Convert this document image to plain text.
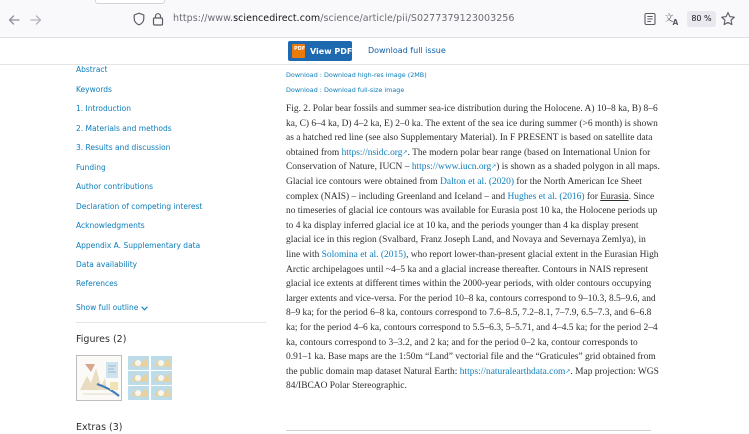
https://www.sciencedirect.com/science/article/pii/S0277379123003256	文
A	80 %
PDF View PDF Download full issue
Abstract
Keywords
1. Introduction
2. Materials and methods
3. Results and discussion
Funding
Author contributions
Declaration of competing interest
Acknowledgments
Appendix A. Supplementary data
Data availability
References
Show full outline
Figures (2)
Extras (3)
Download : Download high-res image (2MB)
Download : Download full-size image
Fig. 2. Polar bear fossils and summer sea-ice distribution during the Holocene. A) 10–8 ka, B) 8–6 ka, C) 6–4 ka, D) 4–2 ka, E) 2–0 ka. The extent of the sea ice during summer (>6 month) is shown as a hatched red line (see also Supplementary Material). In F PRESENT is based on satellite data obtained from https://nsidc.org↗. The modern polar bear range (based on International Union for Conservation of Nature, IUCN – https://www.iucn.org↗) is shown as a shaded polygon in all maps. Glacial ice contours were obtained from Dalton et al. (2020) for the North American Ice Sheet complex (NAIS) – including Greenland and Iceland – and Hughes et al. (2016) for Eurasia. Since no timeseries of glacial ice contours was available for Eurasia post 10 ka, the Holocene periods up to 4 ka display inferred glacial ice at 10 ka, and the periods younger than 4 ka display present glacial ice in this region (Svalbard, Franz Joseph Land, and Novaya and Severnaya Zemlya), in line with Solomina et al. (2015), who report lower-than-present glacial extent in the Eurasian High Arctic archipelagoes until ~4–5 ka and a glacial increase thereafter. Contours in NAIS represent glacial ice extents at different times within the 2000-year periods, with older contours occupying larger extents and vice-versa. For the period 10–8 ka, contours correspond to 9–10.3, 8.5–9.6, and 8–9 ka; for the period 6–8 ka, contours correspond to 7.6–8.5, 7.2–8.1, 7–7.9, 6.5–7.3, and 6–6.8 ka; for the period 4–6 ka, contours correspond to 5.5–6.3, 5–5.71, and 4–4.5 ka; for the period 2–4 ka, contours correspond to 3–3.2, and 2 ka; and for the period 0–2 ka, contour corresponds to 0.91–1 ka. Base maps are the 1:50m “Land” vectorial file and the “Graticules” grid obtained from the public domain map dataset Natural Earth: https://naturalearthdata.com↗. Map projection: WGS 84/IBCAO Polar Stereographic.
